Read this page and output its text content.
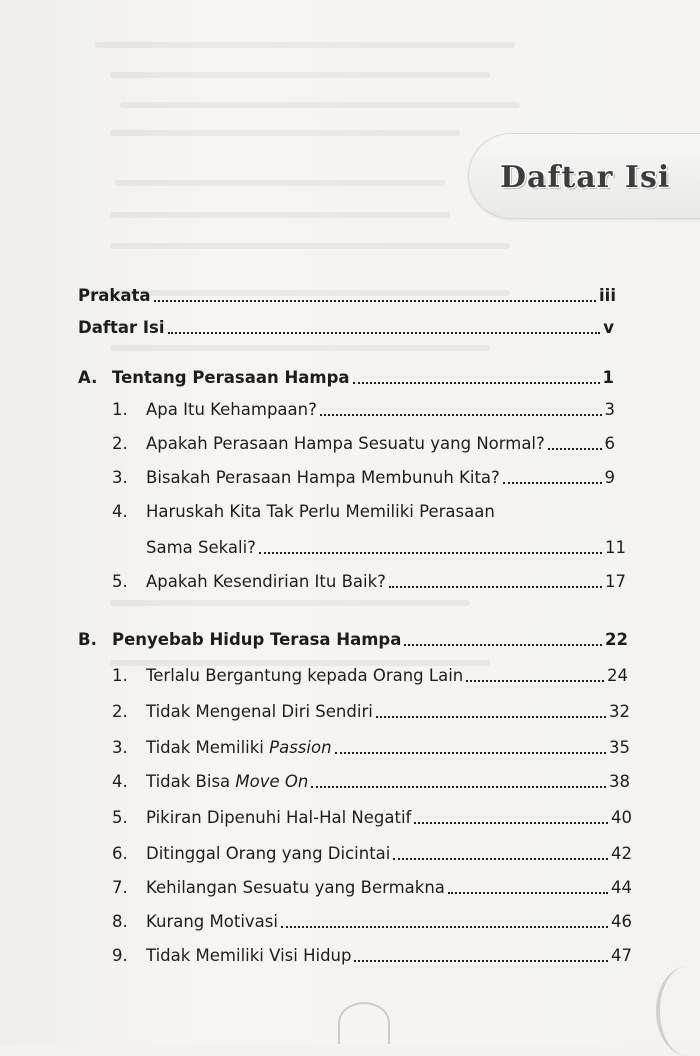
Daftar Isi
Prakata	iii
Daftar Isi	v
A. Tentang Perasaan Hampa	1
1.	Apa Itu Kehampaan?	3
2.	Apakah Perasaan Hampa Sesuatu yang Normal?	6
3.	Bisakah Perasaan Hampa Membunuh Kita?	9
4. Haruskah Kita Tak Perlu Memiliki Perasaan
Sama Sekali?	11
5.	Apakah Kesendirian Itu Baik?	17
B. Penyebab Hidup Terasa Hampa	22
1.	Terlalu Bergantung kepada Orang Lain	24
2.	Tidak Mengenal Diri Sendiri	32
3.	Tidak Memiliki Passion	35
4.	Tidak Bisa Move On	38
5.	Pikiran Dipenuhi Hal-Hal Negatif	40
6.	Ditinggal Orang yang Dicintai	42
7.	Kehilangan Sesuatu yang Bermakna	44
8.	Kurang Motivasi	46
9.	Tidak Memiliki Visi Hidup	47
